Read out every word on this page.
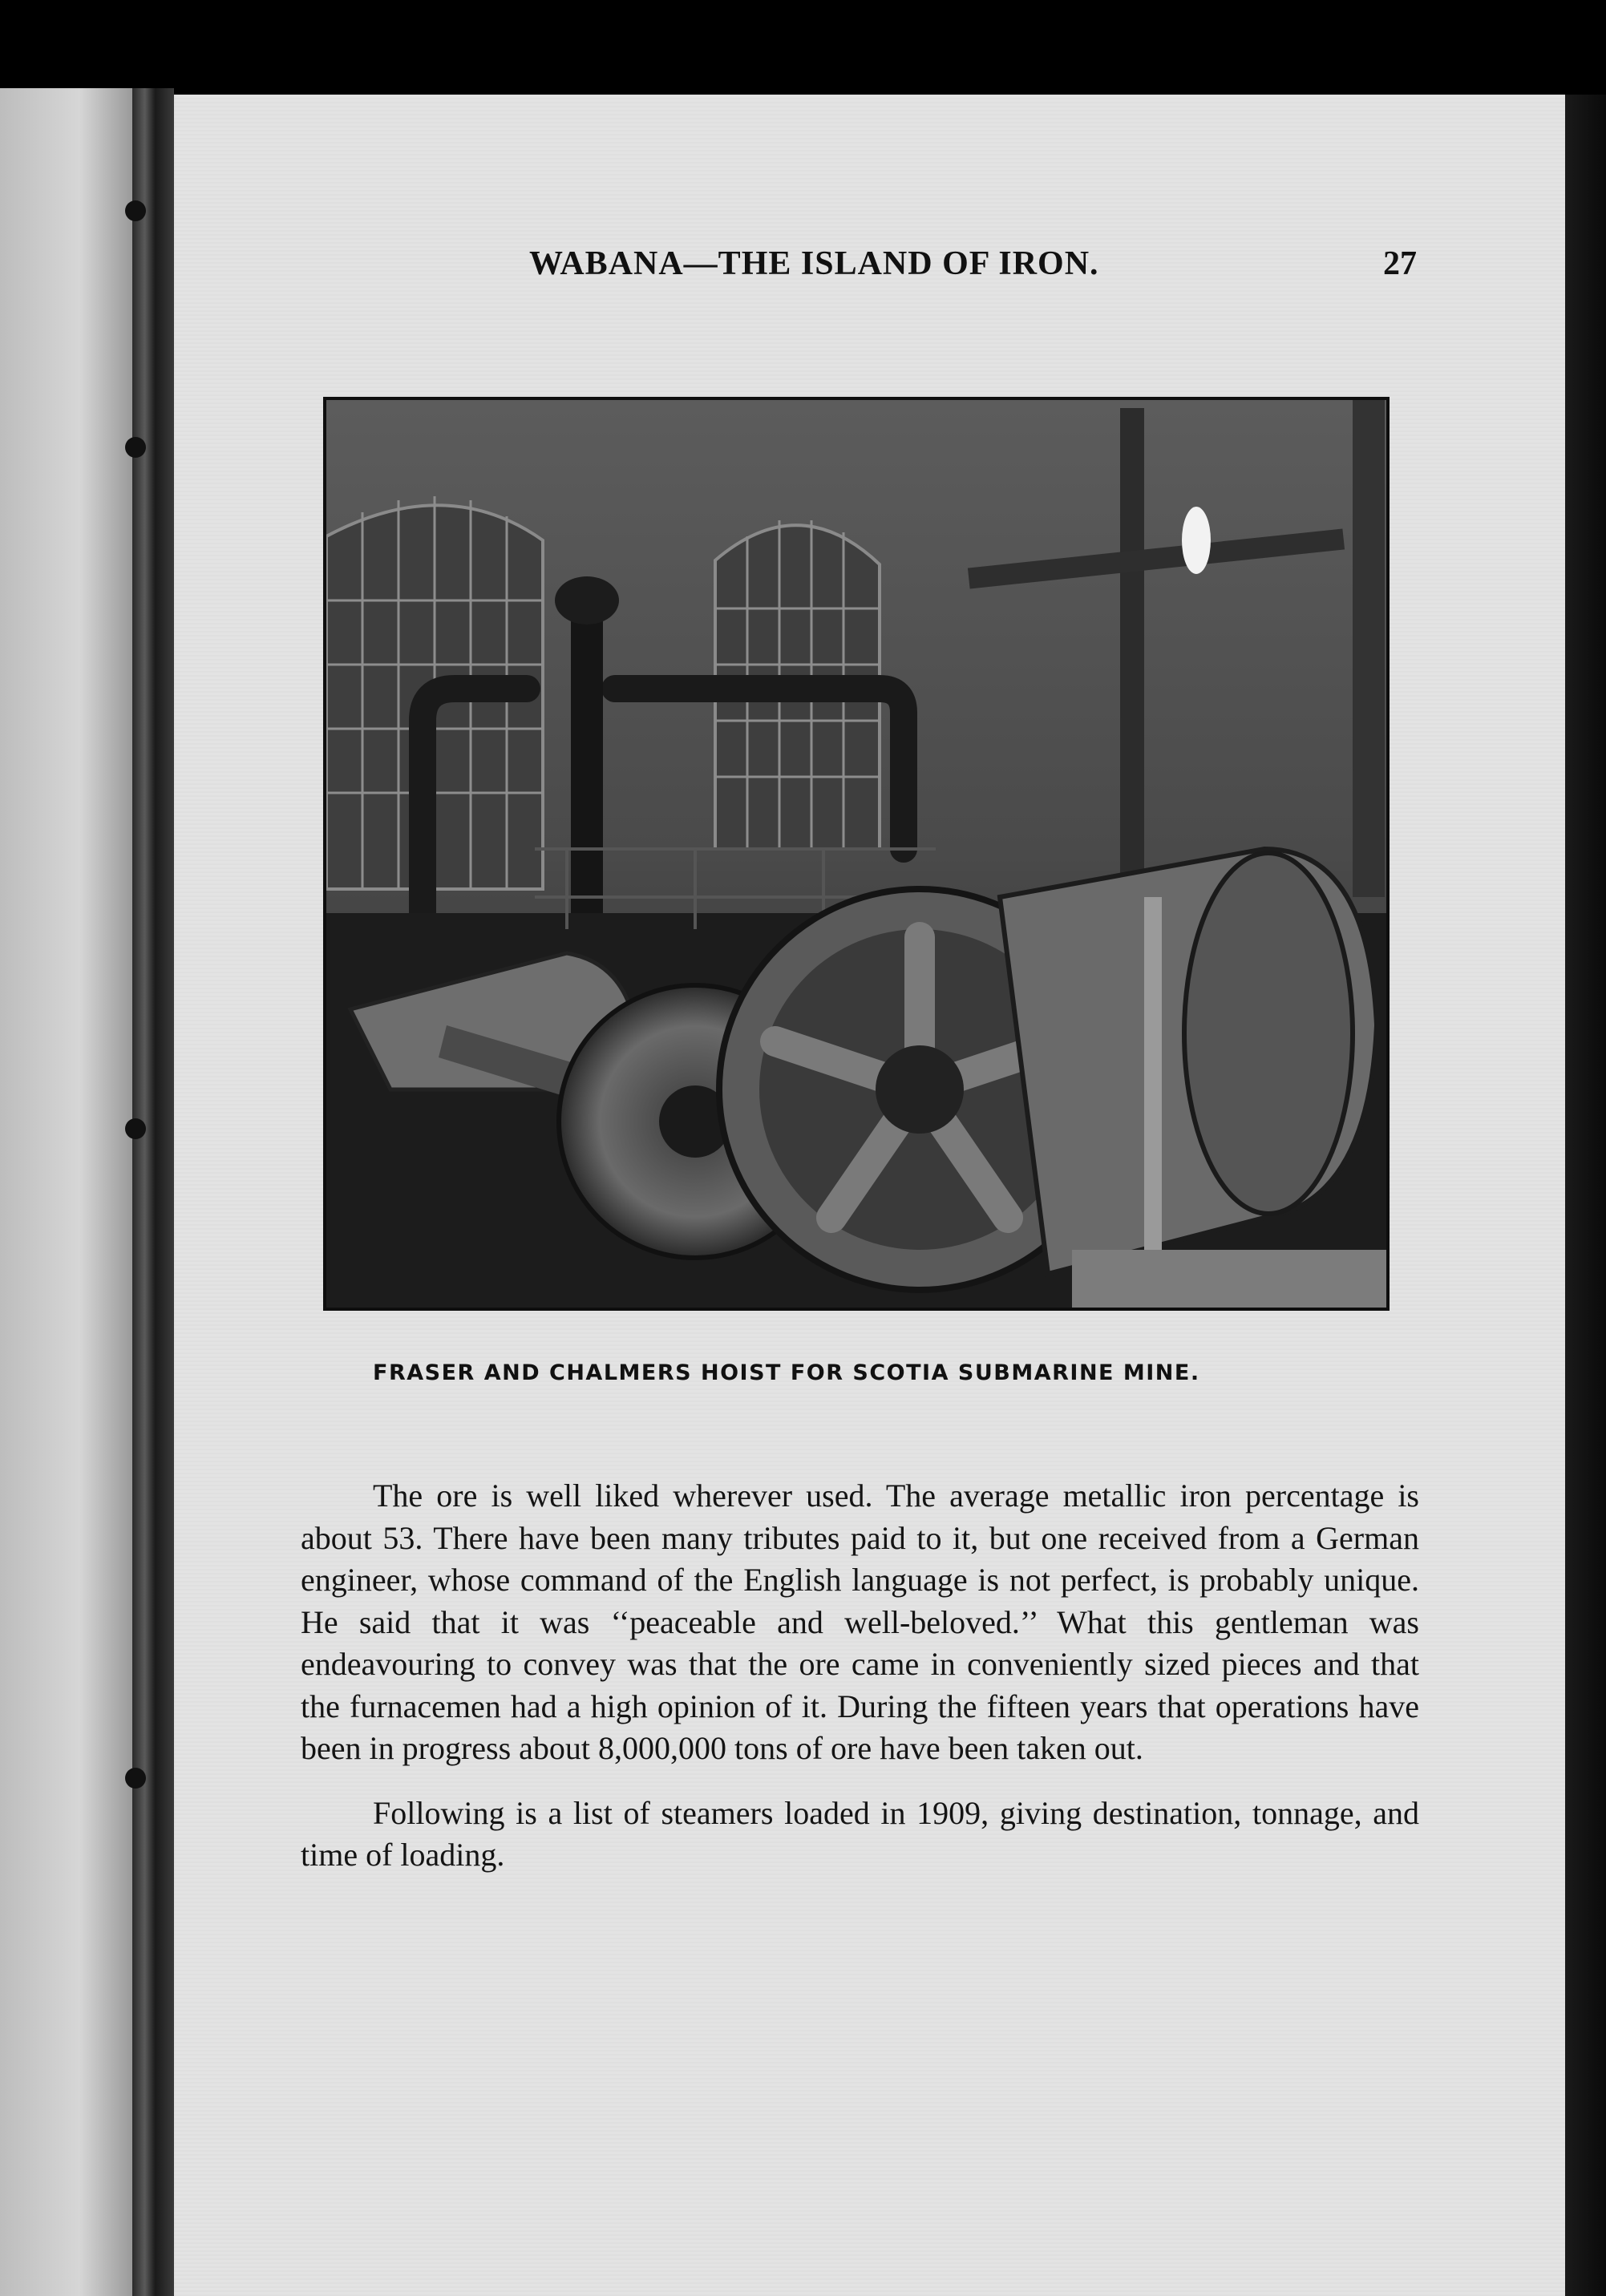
WABANA—THE ISLAND OF IRON.	27
FRASER AND CHALMERS HOIST FOR SCOTIA SUBMARINE MINE.

The ore is well liked wherever used. The average metallic iron percentage is about 53. There have been many tributes paid to it, but one received from a German engineer, whose command of the English language is not perfect, is probably unique. He said that it was ‘‘peaceable and well-beloved.’’ What this gentleman was endeavouring to convey was that the ore came in conveniently sized pieces and that the furnacemen had a high opinion of it. During the fifteen years that operations have been in progress about 8,000,000 tons of ore have been taken out.

Following is a list of steamers loaded in 1909, giving destination, tonnage, and time of loading.
